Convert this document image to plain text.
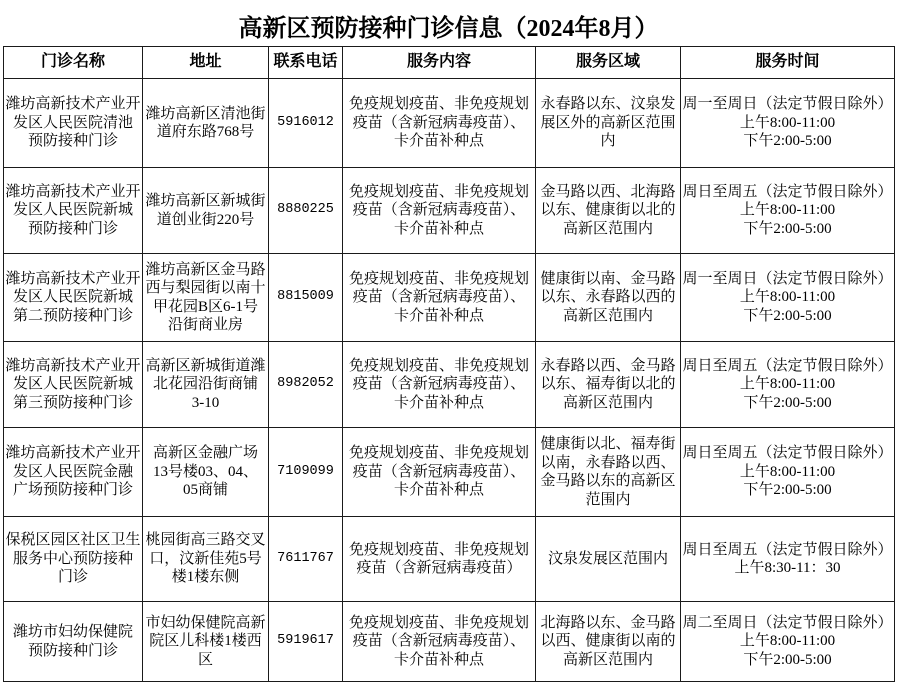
高新区预防接种门诊信息（2024年8月）
门诊名称	地址	联系电话	服务内容	服务区域	服务时间

潍坊高新技术产业开
发区人民医院清池
预防接种门诊	潍坊高新区清池街
道府东路768号	5916012	免疫规划疫苗、非免疫规划
疫苗（含新冠病毒疫苗）、
卡介苗补种点	永春路以东、汶泉发
展区外的高新区范围
内	周一至周日（法定节假日除外）
上午8:00-11:00
下午2:00-5:00

潍坊高新技术产业开
发区人民医院新城
预防接种门诊	潍坊高新区新城街
道创业街220号	8880225	免疫规划疫苗、非免疫规划
疫苗（含新冠病毒疫苗）、
卡介苗补种点	金马路以西、北海路
以东、健康街以北的
高新区范围内	周日至周五（法定节假日除外）
上午8:00-11:00
下午2:00-5:00

潍坊高新技术产业开
发区人民医院新城
第二预防接种门诊	潍坊高新区金马路
西与梨园街以南十
甲花园B区6-1号
沿街商业房	8815009	免疫规划疫苗、非免疫规划
疫苗（含新冠病毒疫苗）、
卡介苗补种点	健康街以南、金马路
以东、永春路以西的
高新区范围内	周一至周日（法定节假日除外）
上午8:00-11:00
下午2:00-5:00

潍坊高新技术产业开
发区人民医院新城
第三预防接种门诊	高新区新城街道潍
北花园沿街商铺
3-10	8982052	免疫规划疫苗、非免疫规划
疫苗（含新冠病毒疫苗）、
卡介苗补种点	永春路以西、金马路
以东、福寿街以北的
高新区范围内	周日至周五（法定节假日除外）
上午8:00-11:00
下午2:00-5:00

潍坊高新技术产业开
发区人民医院金融
广场预防接种门诊	高新区金融广场
13号楼03、04、
05商铺	7109099	免疫规划疫苗、非免疫规划
疫苗（含新冠病毒疫苗）、
卡介苗补种点	健康街以北、福寿街
以南，永春路以西、
金马路以东的高新区
范围内	周日至周五（法定节假日除外）
上午8:00-11:00
下午2:00-5:00

保税区园区社区卫生
服务中心预防接种
门诊	桃园街高三路交叉
口，汶新佳苑5号
楼1楼东侧	7611767	免疫规划疫苗、非免疫规划
疫苗（含新冠病毒疫苗）	汶泉发展区范围内	周日至周五（法定节假日除外）
上午8:30-11：30

潍坊市妇幼保健院
预防接种门诊	市妇幼保健院高新
院区儿科楼1楼西
区	5919617	免疫规划疫苗、非免疫规划
疫苗（含新冠病毒疫苗）、
卡介苗补种点	北海路以东、金马路
以西、健康街以南的
高新区范围内	周二至周日（法定节假日除外）
上午8:00-11:00
下午2:00-5:00
